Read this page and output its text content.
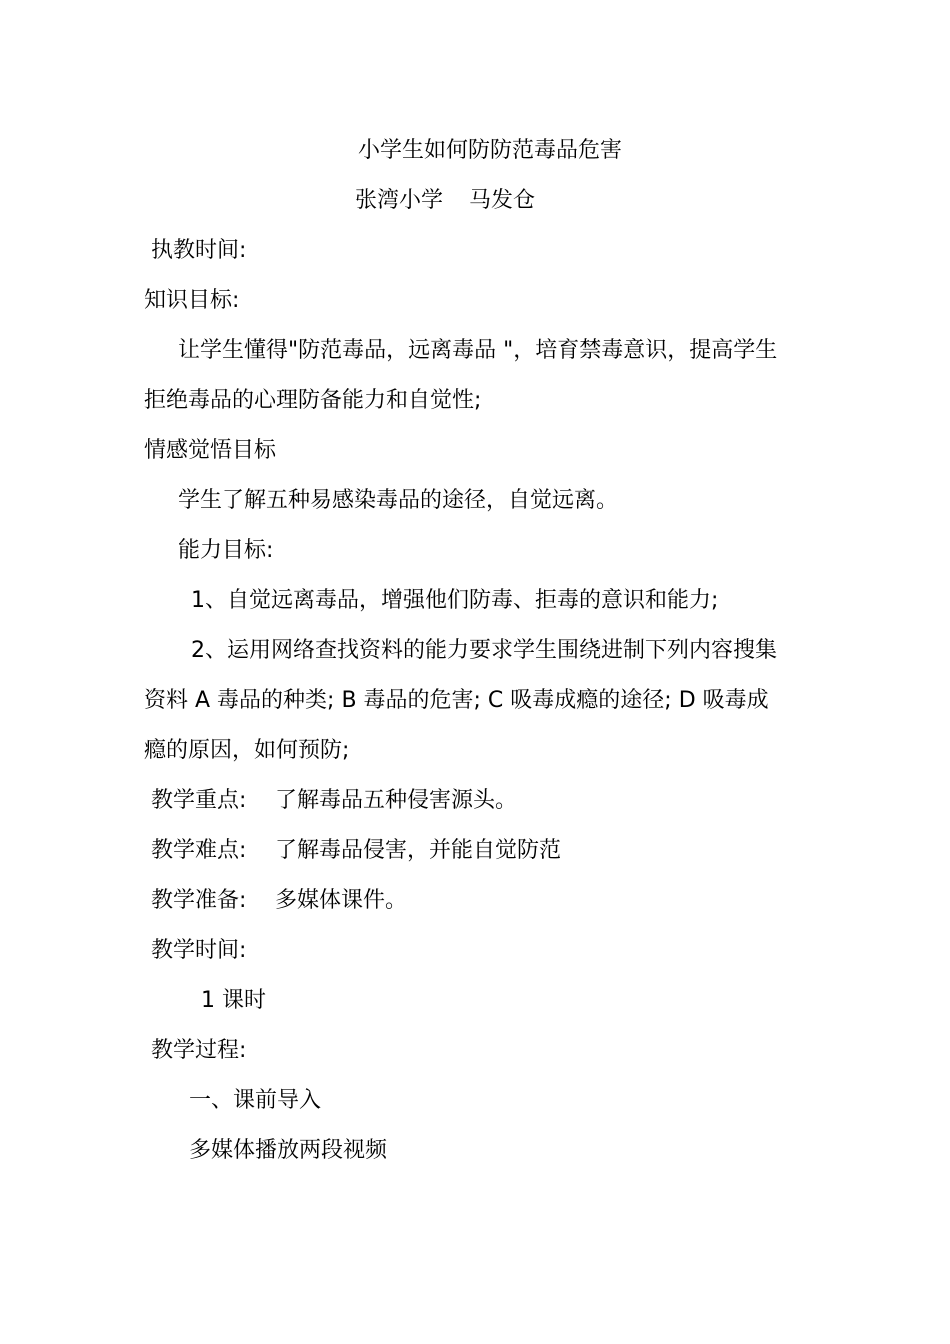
小学生如何防防范毒品危害
张湾小学 马发仓
执教时间:
知识目标:
让学生懂得"防范毒品，远离毒品 "，培育禁毒意识，提高学生
拒绝毒品的心理防备能力和自觉性;
情感觉悟目标
学生了解五种易感染毒品的途径，自觉远离。
能力目标:
1、自觉远离毒品，增强他们防毒、拒毒的意识和能力;
2、运用网络查找资料的能力要求学生围绕进制下列内容搜集
资料 A 毒品的种类; B 毒品的危害; C 吸毒成瘾的途径; D 吸毒成
瘾的原因，如何预防;
教学重点: 了解毒品五种侵害源头。
教学难点: 了解毒品侵害，并能自觉防范
教学准备: 多媒体课件。
教学时间:
1 课时
教学过程:
一、课前导入
多媒体播放两段视频
